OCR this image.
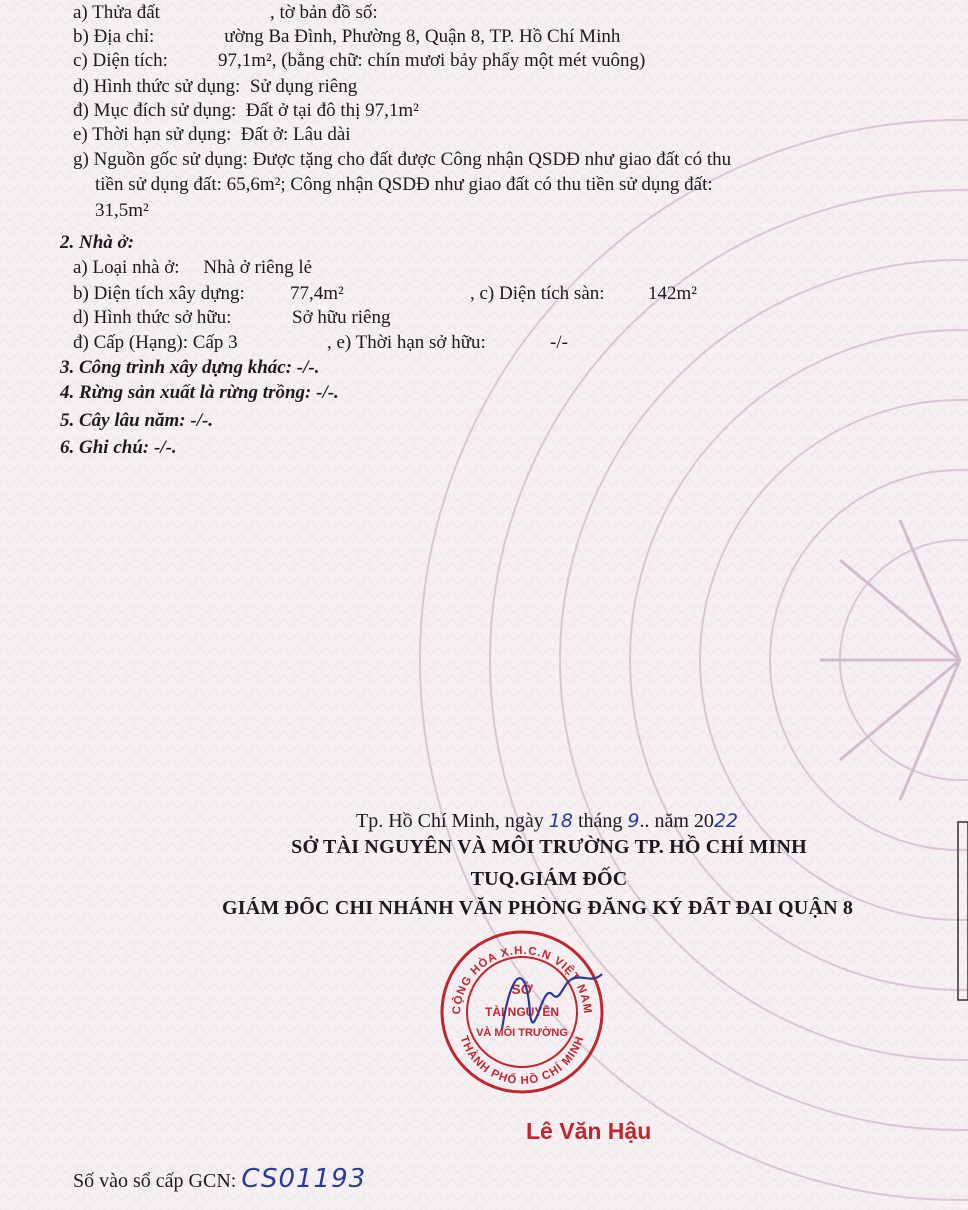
a) Thửa đất	, tờ bản đồ số:
b) Địa chỉ:	ường Ba Đình, Phường 8, Quận 8, TP. Hồ Chí Minh
c) Diện tích:	97,1m², (bằng chữ: chín mươi bảy phẩy một mét vuông)
d) Hình thức sử dụng: Sử dụng riêng
đ) Mục đích sử dụng: Đất ở tại đô thị 97,1m²
e) Thời hạn sử dụng: Đất ở: Lâu dài
g) Nguồn gốc sử dụng: Được tặng cho đất được Công nhận QSDĐ như giao đất có thu
tiền sử dụng đất: 65,6m²; Công nhận QSDĐ như giao đất có thu tiền sử dụng đất:
31,5m²
2. Nhà ở:
a) Loại nhà ở: Nhà ở riêng lẻ
b) Diện tích xây dựng: 77,4m²	, c) Diện tích sàn: 142m²
d) Hình thức sở hữu:	Sở hữu riêng
đ) Cấp (Hạng): Cấp 3	, e) Thời hạn sở hữu:	-/-
3. Công trình xây dựng khác: -/-.
4. Rừng sản xuất là rừng trồng: -/-.
5. Cây lâu năm: -/-.
6. Ghi chú: -/-.
Tp. Hồ Chí Minh, ngày 18 tháng 9.. năm 2022
SỞ TÀI NGUYÊN VÀ MÔI TRƯỜNG TP. HỒ CHÍ MINH
TUQ.GIÁM ĐỐC
GIÁM ĐỐC CHI NHÁNH VĂN PHÒNG ĐĂNG KÝ ĐẤT ĐAI QUẬN 8
CỘNG HÒA X.H.C.N VIỆT NAM
THÀNH PHỐ HỒ CHÍ MINH
SỞ
TÀI NGUYÊN
VÀ MÔI TRƯỜNG
Lê Văn Hậu
Số vào sổ cấp GCN: CS01193
